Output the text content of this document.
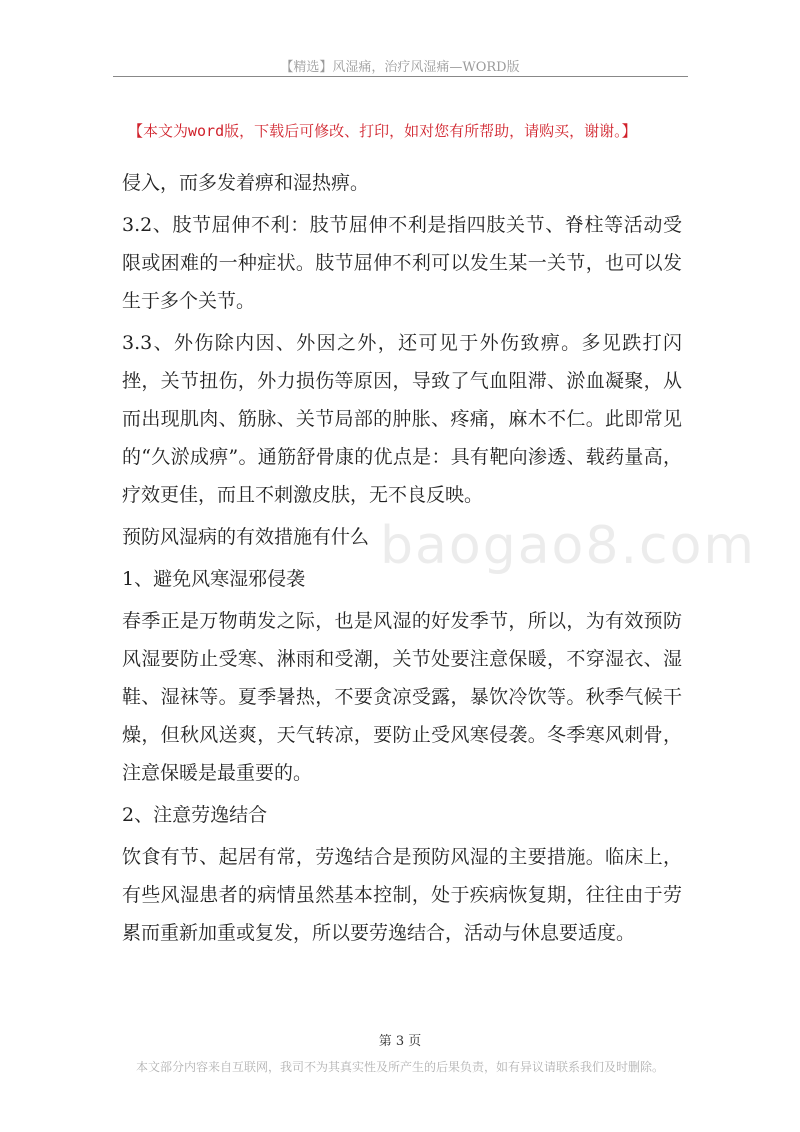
【精选】风湿痛，治疗风湿痛—WORD版
【本文为word版，下载后可修改、打印，如对您有所帮助，请购买，谢谢。】
baogao8.com

侵入，而多发着痹和湿热痹。

3.2、肢节屈伸不利：肢节屈伸不利是指四肢关节、脊柱等活动受限或困难的一种症状。肢节屈伸不利可以发生某一关节，也可以发生于多个关节。

3.3、外伤除内因、外因之外，还可见于外伤致痹。多见跌打闪挫，关节扭伤，外力损伤等原因，导致了气血阻滞、淤血凝聚，从而出现肌肉、筋脉、关节局部的肿胀、疼痛，麻木不仁。此即常见的“久淤成痹”。通筋舒骨康的优点是：具有靶向渗透、载药量高，疗效更佳，而且不刺激皮肤，无不良反映。

预防风湿病的有效措施有什么
1、避免风寒湿邪侵袭

春季正是万物萌发之际，也是风湿的好发季节，所以，为有效预防风湿要防止受寒、淋雨和受潮，关节处要注意保暖，不穿湿衣、湿鞋、湿袜等。夏季暑热，不要贪凉受露，暴饮冷饮等。秋季气候干燥，但秋风送爽，天气转凉，要防止受风寒侵袭。冬季寒风刺骨，注意保暖是最重要的。

2、注意劳逸结合

饮食有节、起居有常，劳逸结合是预防风湿的主要措施。临床上，有些风湿患者的病情虽然基本控制，处于疾病恢复期，往往由于劳累而重新加重或复发，所以要劳逸结合，活动与休息要适度。

第 3 页
本文部分内容来自互联网，我司不为其真实性及所产生的后果负责，如有异议请联系我们及时删除。
